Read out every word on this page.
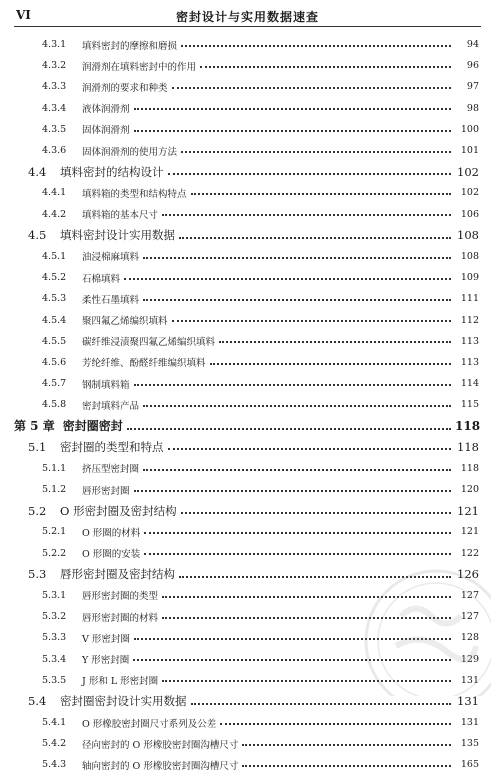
VI	密封设计与实用数据速查
4.3.1	填料密封的摩擦和磨损	94
4.3.2	润滑剂在填料密封中的作用	96
4.3.3	润滑剂的要求和种类	97
4.3.4	液体润滑剂	98
4.3.5	固体润滑剂	100
4.3.6	固体润滑剂的使用方法	101
4.4	填料密封的结构设计	102
4.4.1	填料箱的类型和结构特点	102
4.4.2	填料箱的基本尺寸	106
4.5	填料密封设计实用数据	108
4.5.1	油浸棉麻填料	108
4.5.2	石棉填料	109
4.5.3	柔性石墨填料	111
4.5.4	聚四氟乙烯编织填料	112
4.5.5	碳纤维浸渍聚四氟乙烯编织填料	113
4.5.6	芳纶纤维、酚醛纤维编织填料	113
4.5.7	钢制填料箱	114
4.5.8	密封填料产品	115
第 5 章 密封圈密封	118
5.1	密封圈的类型和特点	118
5.1.1	挤压型密封圈	118
5.1.2	唇形密封圈	120
5.2	O 形密封圈及密封结构	121
5.2.1	O 形圈的材料	121
5.2.2	O 形圈的安装	122
5.3	唇形密封圈及密封结构	126
5.3.1	唇形密封圈的类型	127
5.3.2	唇形密封圈的材料	127
5.3.3	V 形密封圈	128
5.3.4	Y 形密封圈	129
5.3.5	J 形和 L 形密封圈	131
5.4	密封圈密封设计实用数据	131
5.4.1	O 形橡胶密封圈尺寸系列及公差	131
5.4.2	径向密封的 O 形橡胶密封圈沟槽尺寸	135
5.4.3	轴向密封的 O 形橡胶密封圈沟槽尺寸	165
